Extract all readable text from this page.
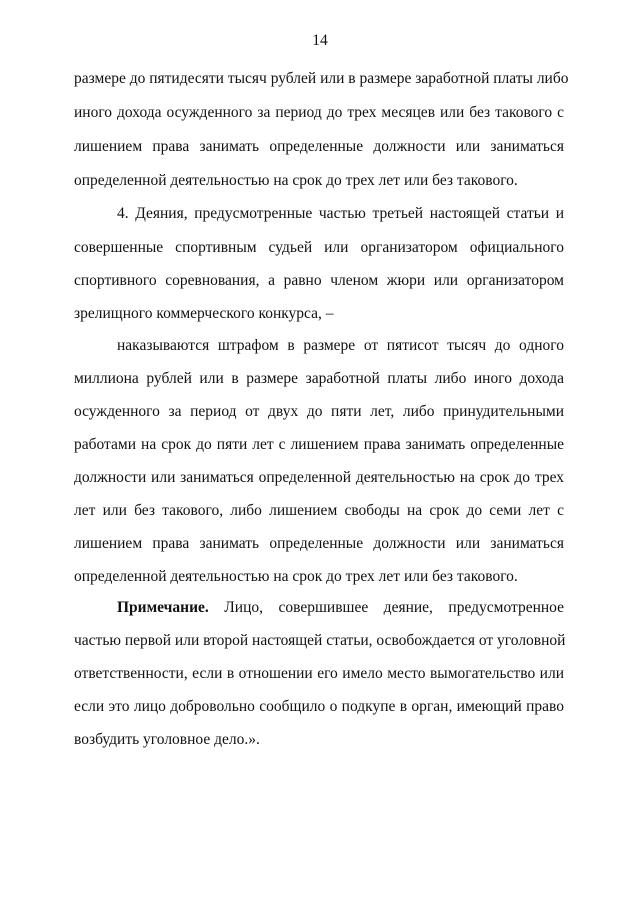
14
размере до пятидесяти тысяч рублей или в размере заработной платы либо
иного дохода осужденного за период до трех месяцев или без такового с
лишением права занимать определенные должности или заниматься
определенной деятельностью на срок до трех лет или без такового.
4. Деяния, предусмотренные частью третьей настоящей статьи и
совершенные спортивным судьей или организатором официального
спортивного соревнования, а равно членом жюри или организатором
зрелищного коммерческого конкурса, –
наказываются штрафом в размере от пятисот тысяч до одного
миллиона рублей или в размере заработной платы либо иного дохода
осужденного за период от двух до пяти лет, либо принудительными
работами на срок до пяти лет с лишением права занимать определенные
должности или заниматься определенной деятельностью на срок до трех
лет или без такового, либо лишением свободы на срок до семи лет с
лишением права занимать определенные должности или заниматься
определенной деятельностью на срок до трех лет или без такового.
Примечание. Лицо, совершившее деяние, предусмотренное
частью первой или второй настоящей статьи, освобождается от уголовной
ответственности, если в отношении его имело место вымогательство или
если это лицо добровольно сообщило о подкупе в орган, имеющий право
возбудить уголовное дело.».
